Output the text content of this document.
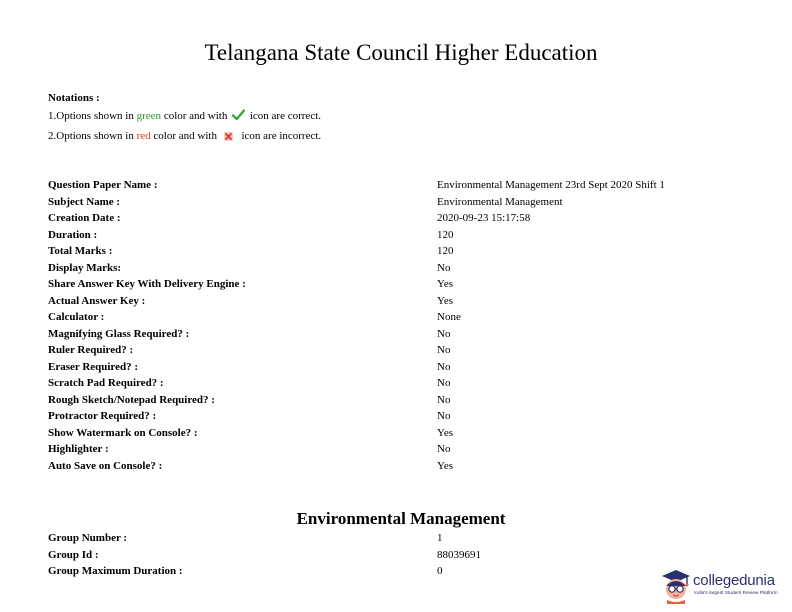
Telangana State Council Higher Education
Notations :
1.Options shown in green color and with  icon are correct.
2.Options shown in red color and with  icon are incorrect.
Question Paper Name :	Environmental Management 23rd Sept 2020 Shift 1
Subject Name :	Environmental Management
Creation Date :	2020-09-23 15:17:58
Duration :	120
Total Marks :	120
Display Marks:	No
Share Answer Key With Delivery Engine :	Yes
Actual Answer Key :	Yes
Calculator :	None
Magnifying Glass Required? :	No
Ruler Required? :	No
Eraser Required? :	No
Scratch Pad Required? :	No
Rough Sketch/Notepad Required? :	No
Protractor Required? :	No
Show Watermark on Console? :	Yes
Highlighter :	No
Auto Save on Console? :	Yes
Environmental Management
Group Number :	1
Group Id :	88039691
Group Maximum Duration :	0
collegedunia
India's largest Student Review Platform
